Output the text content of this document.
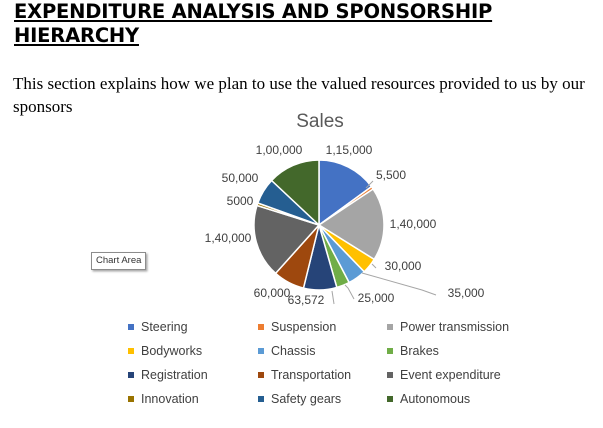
EXPENDITURE ANALYSIS AND SPONSORSHIP HIERARCHY
This section explains how we plan to use the valued resources provided to us by our sponsors
Sales
1,15,000
5,500
1,40,000
30,000
35,000
25,000
63,572
60,000
1,40,000
5000
50,000
1,00,000
Chart Area
Steering	Suspension	Power transmission
Bodyworks	Chassis	Brakes
Registration	Transportation	Event expenditure
Innovation	Safety gears	Autonomous
